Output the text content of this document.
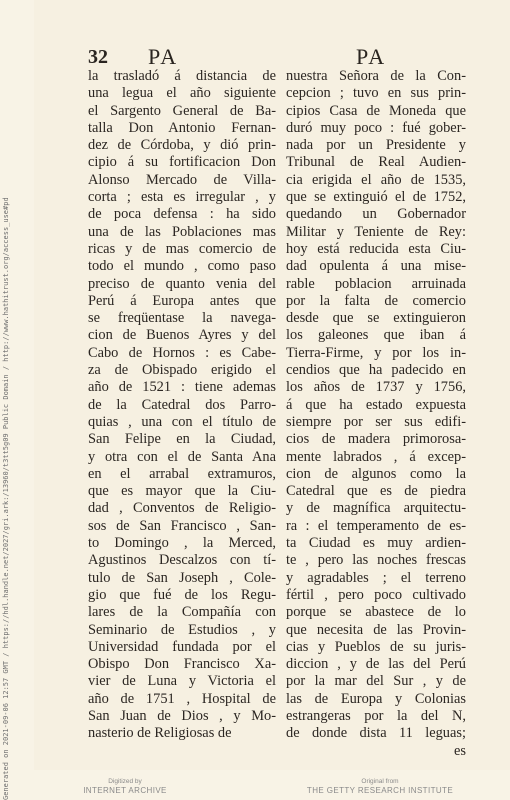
Generated on 2021-09-06 12:57 GMT / https://hdl.handle.net/2027/gri.ark:/13960/t3tt5g09 Public Domain / http://www.hathitrust.org/access_use#pd
32 PA	PA
la trasladó á distancia de
una legua el año siguiente
el Sargento General de Ba-
talla Don Antonio Fernan-
dez de Córdoba, y dió prin-
cipio á su fortificacion Don
Alonso Mercado de Villa-
corta ; esta es irregular , y
de poca defensa : ha sido
una de las Poblaciones mas
ricas y de mas comercio de
todo el mundo , como paso
preciso de quanto venia del
Perú á Europa antes que
se freqüentase la navega-
cion de Buenos Ayres y del
Cabo de Hornos : es Cabe-
za de Obispado erigido el
año de 1521 : tiene ademas
de la Catedral dos Parro-
quias , una con el título de
San Felipe en la Ciudad,
y otra con el de Santa Ana
en el arrabal extramuros,
que es mayor que la Ciu-
dad , Conventos de Religio-
sos de San Francisco , San-
to Domingo , la Merced,
Agustinos Descalzos con tí-
tulo de San Joseph , Cole-
gio que fué de los Regu-
lares de la Compañía con
Seminario de Estudios , y
Universidad fundada por el
Obispo Don Francisco Xa-
vier de Luna y Victoria el
año de 1751 , Hospital de
San Juan de Dios , y Mo-
nasterio de Religiosas de
nuestra Señora de la Con-
cepcion ; tuvo en sus prin-
cipios Casa de Moneda que
duró muy poco : fué gober-
nada por un Presidente y
Tribunal de Real Audien-
cia erigida el año de 1535,
que se extinguió el de 1752,
quedando un Gobernador
Militar y Teniente de Rey:
hoy está reducida esta Ciu-
dad opulenta á una mise-
rable poblacion arruinada
por la falta de comercio
desde que se extinguieron
los galeones que iban á
Tierra-Firme, y por los in-
cendios que ha padecido en
los años de 1737 y 1756,
á que ha estado expuesta
siempre por ser sus edifi-
cios de madera primorosa-
mente labrados , á excep-
cion de algunos como la
Catedral que es de piedra
y de magnífica arquitectu-
ra : el temperamento de es-
ta Ciudad es muy ardien-
te , pero las noches frescas
y agradables ; el terreno
fértil , pero poco cultivado
porque se abastece de lo
que necesita de las Provin-
cias y Pueblos de su juris-
diccion , y de las del Perú
por la mar del Sur , y de
las de Europa y Colonias
estrangeras por la del N,
de donde dista 11 leguas;
es
Digitized by
INTERNET ARCHIVE
Original from
THE GETTY RESEARCH INSTITUTE
